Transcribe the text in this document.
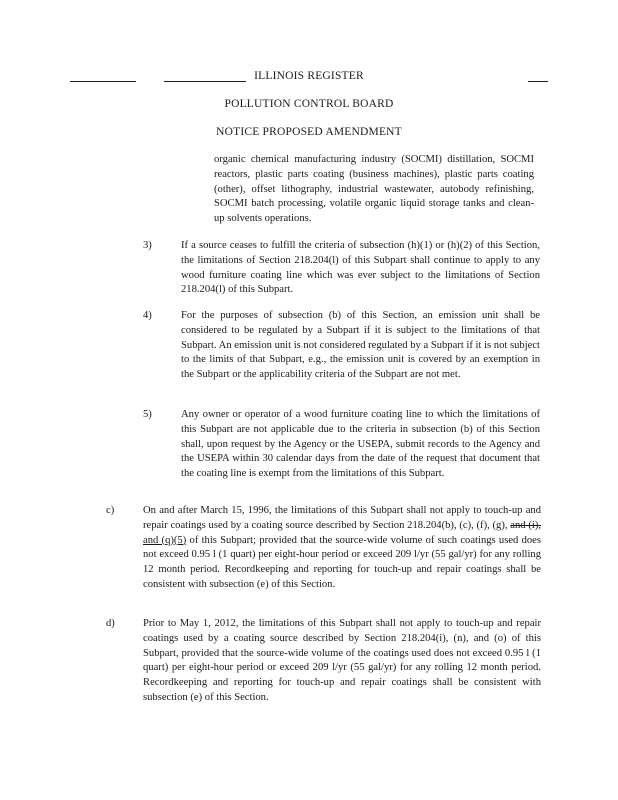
ILLINOIS REGISTER
POLLUTION CONTROL BOARD
NOTICE PROPOSED AMENDMENT
organic chemical manufacturing industry (SOCMI) distillation, SOCMI reactors, plastic parts coating (business machines), plastic parts coating (other), offset lithography, industrial wastewater, autobody refinishing, SOCMI batch processing, volatile organic liquid storage tanks and clean-up solvents operations.
3)	If a source ceases to fulfill the criteria of subsection (h)(1) or (h)(2) of this Section, the limitations of Section 218.204(l) of this Subpart shall continue to apply to any wood furniture coating line which was ever subject to the limitations of Section 218.204(l) of this Subpart.
4)	For the purposes of subsection (b) of this Section, an emission unit shall be considered to be regulated by a Subpart if it is subject to the limitations of that Subpart. An emission unit is not considered regulated by a Subpart if it is not subject to the limits of that Subpart, e.g., the emission unit is covered by an exemption in the Subpart or the applicability criteria of the Subpart are not met.
5)	Any owner or operator of a wood furniture coating line to which the limitations of this Subpart are not applicable due to the criteria in subsection (b) of this Section shall, upon request by the Agency or the USEPA, submit records to the Agency and the USEPA within 30 calendar days from the date of the request that document that the coating line is exempt from the limitations of this Subpart.
c)	On and after March 15, 1996, the limitations of this Subpart shall not apply to touch-up and repair coatings used by a coating source described by Section 218.204(b), (c), (f), (g), and (i), and (q)(5) of this Subpart; provided that the source-wide volume of such coatings used does not exceed 0.95 l (1 quart) per eight-hour period or exceed 209 l/yr (55 gal/yr) for any rolling 12 month period. Recordkeeping and reporting for touch-up and repair coatings shall be consistent with subsection (e) of this Section.
d)	Prior to May 1, 2012, the limitations of this Subpart shall not apply to touch-up and repair coatings used by a coating source described by Section 218.204(i), (n), and (o) of this Subpart, provided that the source-wide volume of the coatings used does not exceed 0.95 l (1 quart) per eight-hour period or exceed 209 l/yr (55 gal/yr) for any rolling 12 month period. Recordkeeping and reporting for touch-up and repair coatings shall be consistent with subsection (e) of this Section.
